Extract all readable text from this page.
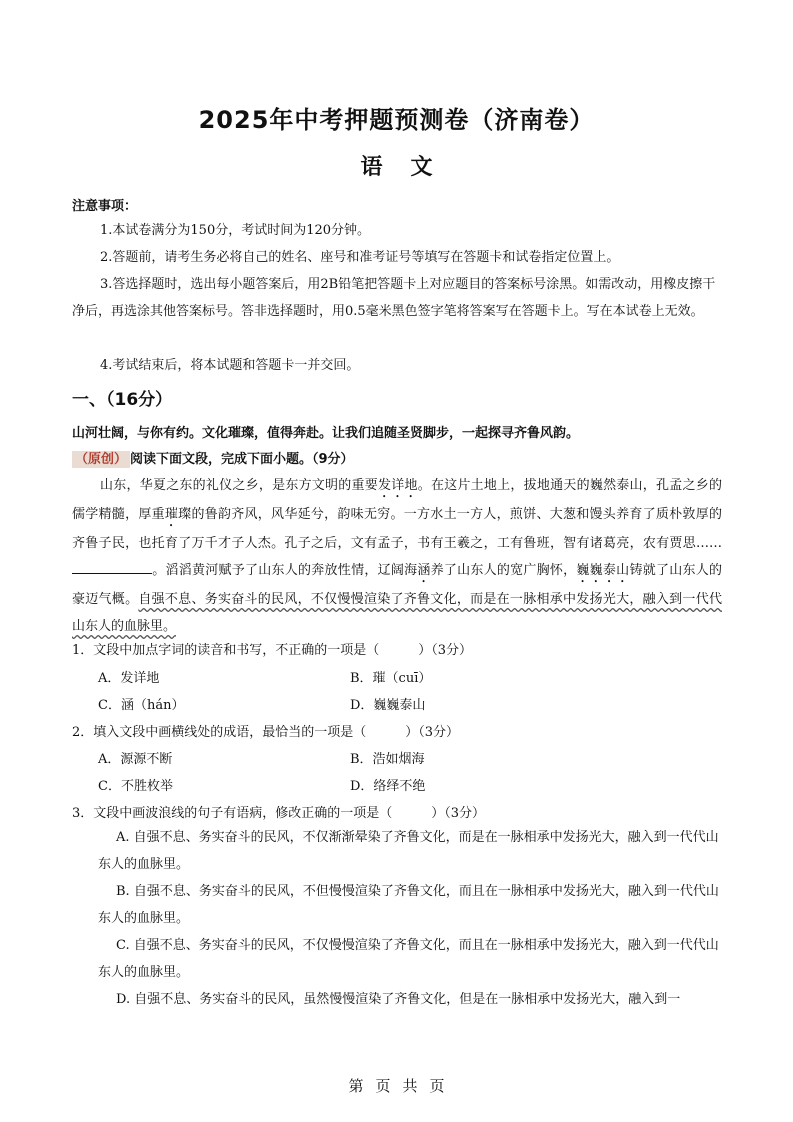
2025年中考押题预测卷（济南卷）
语 文
注意事项：

1.本试卷满分为150分，考试时间为120分钟。

2.答题前，请考生务必将自己的姓名、座号和准考证号等填写在答题卡和试卷指定位置上。

3.答选择题时，选出每小题答案后，用2B铅笔把答题卡上对应题目的答案标号涂黑。如需改动，用橡皮擦干净后，再选涂其他答案标号。答非选择题时，用0.5毫米黑色签字笔将答案写在答题卡上。写在本试卷上无效。

4.考试结束后，将本试题和答题卡一并交回。

一、（16分）
山河壮阔，与你有约。文化璀璨，值得奔赴。让我们追随圣贤脚步，一起探寻齐鲁风韵。
（原创） 阅读下面文段，完成下面小题。（9分）

山东，华夏之东的礼仪之乡，是东方文明的重要发详地。在这片土地上，拔地通天的巍然泰山，孔孟之乡的儒学精髓，厚重璀璨的鲁韵齐风，风华延兮，韵味无穷。一方水土一方人，煎饼、大葱和馒头养育了质朴敦厚的齐鲁子民，也托育了万千才子人杰。孔子之后，文有孟子，书有王羲之，工有鲁班，智有诸葛亮，农有贾思……。滔滔黄河赋予了山东人的奔放性情，辽阔海涵养了山东人的宽广胸怀，巍巍泰山铸就了山东人的豪迈气概。自强不息、务实奋斗的民风，不仅慢慢渲染了齐鲁文化，而是在一脉相承中发扬光大，融入到一代代山东人的血脉里。

1．文段中加点字词的读音和书写，不正确的一项是（　　　）（3分）
A．发详地	B．璀（cuī）
C．涵（hán）	D．巍巍泰山
2．填入文段中画横线处的成语，最恰当的一项是（　　　）（3分）
A．源源不断	B．浩如烟海
C．不胜枚举	D．络绎不绝
3．文段中画波浪线的句子有语病，修改正确的一项是（　　　）（3分）

A. 自强不息、务实奋斗的民风，不仅渐渐晕染了齐鲁文化，而是在一脉相承中发扬光大，融入到一代代山东人的血脉里。

B. 自强不息、务实奋斗的民风，不但慢慢渲染了齐鲁文化，而且在一脉相承中发扬光大，融入到一代代山东人的血脉里。

C. 自强不息、务实奋斗的民风，不仅慢慢渲染了齐鲁文化，而且在一脉相承中发扬光大，融入到一代代山东人的血脉里。

D. 自强不息、务实奋斗的民风，虽然慢慢渲染了齐鲁文化，但是在一脉相承中发扬光大，融入到一

第 页 共 页
